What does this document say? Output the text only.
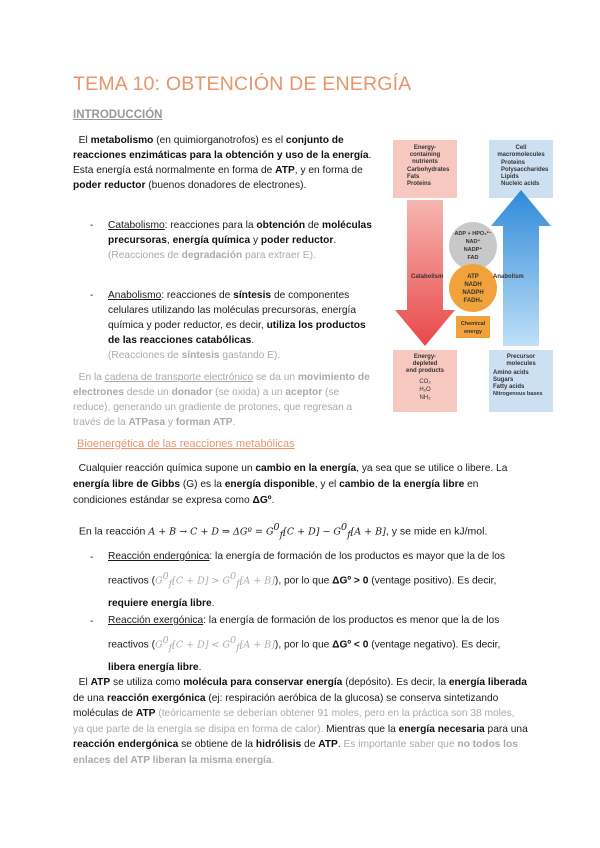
TEMA 10: OBTENCIÓN DE ENERGÍA
INTRODUCCIÓN
El metabolismo (en quimiorganotrofos) es el conjunto de reacciones enzimáticas para la obtención y uso de la energía. Esta energía está normalmente en forma de ATP, y en forma de poder reductor (buenos donadores de electrones).
- Catabolismo: reacciones para la obtención de moléculas precursoras, energía química y poder reductor. (Reacciones de degradación para extraer E).
- Anabolismo: reacciones de síntesis de componentes celulares utilizando las moléculas precursoras, energía química y poder reductor, es decir, utiliza los productos de las reacciones catabólicas.
(Reacciones de síntesis gastando E).
En la cadena de transporte electrónico se da un movimiento de electrones desde un donador (se oxida) a un aceptor (se reduce), generando un gradiente de protones, que regresan a través de la ATPasa y forman ATP.
Energy-
containing
nutrients
Carbohydrates
Fats
Proteins
Cell
macromolecules
Proteins
Polysaccharides
Lipids
Nucleic acids
Catabolism	Anabolism
ADP + HPO₄²⁻
NAD⁺
NADP⁺
FAD
ATP
NADH
NADPH
FADH₂
Chemical
energy
Energy-
depleted
end products
CO₂
H₂O
NH₃
Precursor
molecules
Amino acids
Sugars
Fatty acids
Nitrogenous bases
Bioenergética de las reacciones metabólicas
Cualquier reacción química supone un cambio en la energía, ya sea que se utilice o libere. La energía libre de Gibbs (G) es la energía disponible, y el cambio de la energía libre en condiciones estándar se expresa como ΔGº.
En la reacción A + B → C + D ⇒ ΔGº = $G^0_f[C + D] - G^0_f[A + B]$, y se mide en kJ/mol.
- Reacción endergónica: la energía de formación de los productos es mayor que la de los reactivos $(G^0_f[C + D] > G^0_f[A + B])$, por lo que ΔGº > 0 (ventage positivo). Es decir, requiere energía libre.
- Reacción exergónica: la energía de formación de los productos es menor que la de los reactivos $(G^0_f[C + D] < G^0_f[A + B])$, por lo que ΔGº < 0 (ventage negativo). Es decir, libera energía libre.
El ATP se utiliza como molécula para conservar energía (depósito). Es decir, la energía liberada de una reacción exergónica (ej: respiración aeróbica de la glucosa) se conserva sintetizando moléculas de ATP (teóricamente se deberían obtener 91 moles, pero en la práctica son 38 moles, ya que parte de la energía se disipa en forma de calor). Mientras que la energía necesaria para una reacción endergónica se obtiene de la hidrólisis de ATP. Es importante saber que no todos los enlaces del ATP liberan la misma energía.
